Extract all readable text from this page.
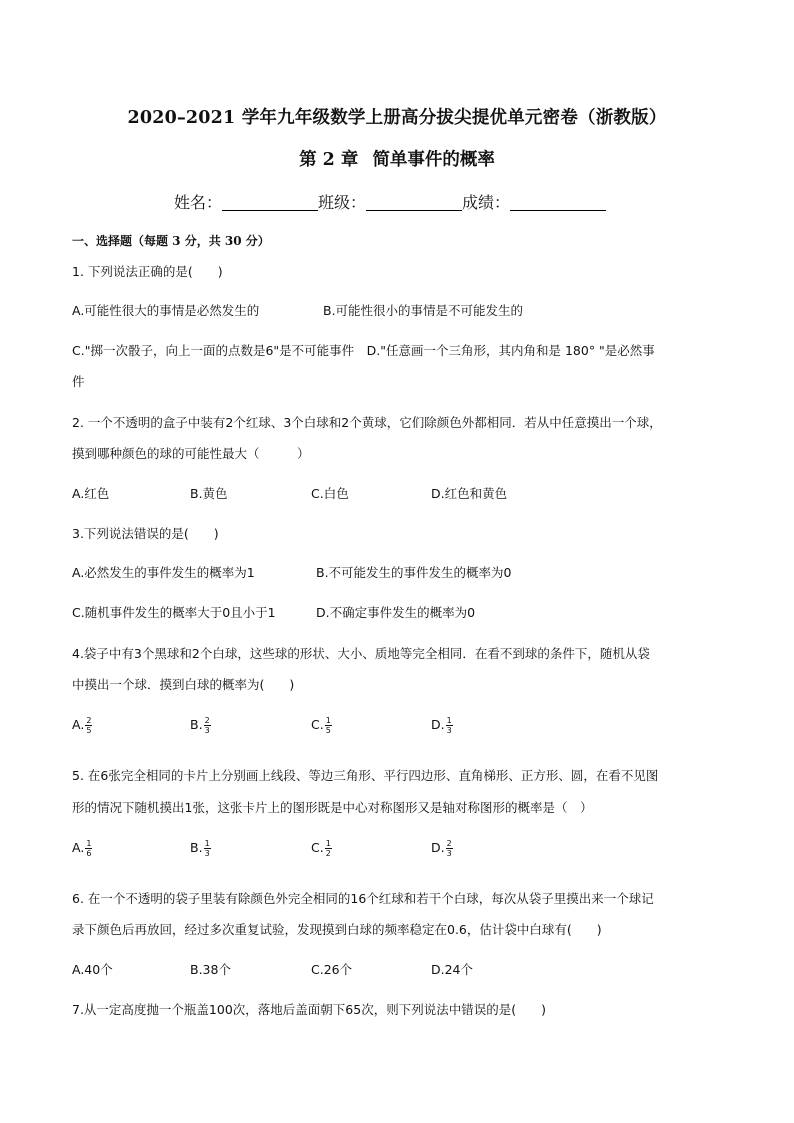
2020–2021 学年九年级数学上册高分拔尖提优单元密卷（浙教版）
第 2 章 简单事件的概率
姓名：	班级：	成绩：
一、选择题（每题 3 分，共 30 分）
1. 下列说法正确的是(　　)
A.可能性很大的事情是必然发生的	B.可能性很小的事情是不可能发生的
C."掷一次骰子，向上一面的点数是6"是不可能事件　D."任意画一个三角形，其内角和是 180° "是必然事
件
2. 一个不透明的盒子中装有2个红球、3个白球和2个黄球，它们除颜色外都相同．若从中任意摸出一个球，
摸到哪种颜色的球的可能性最大（　　　）
A.红色	B.黄色	C.白色	D.红色和黄色
3.下列说法错误的是(　　)
A.必然发生的事件发生的概率为1	B.不可能发生的事件发生的概率为0
C.随机事件发生的概率大于0且小于1	D.不确定事件发生的概率为0
4.袋子中有3个黑球和2个白球，这些球的形状、大小、质地等完全相同．在看不到球的条件下，随机从袋
中摸出一个球．摸到白球的概率为(　　)
A. $\frac{2}{5}$	B. $\frac{2}{3}$	C. $\frac{1}{5}$	D. $\frac{1}{3}$
5. 在6张完全相同的卡片上分别画上线段、等边三角形、平行四边形、直角梯形、正方形、圆，在看不见图
形的情况下随机摸出1张，这张卡片上的图形既是中心对称图形又是轴对称图形的概率是（　）
A. $\frac{1}{6}$	B. $\frac{1}{3}$	C. $\frac{1}{2}$	D. $\frac{2}{3}$
6. 在一个不透明的袋子里装有除颜色外完全相同的16个红球和若干个白球，每次从袋子里摸出来一个球记
录下颜色后再放回，经过多次重复试验，发现摸到白球的频率稳定在0.6，估计袋中白球有(　　)
A.40个	B.38个	C.26个	D.24个
7.从一定高度抛一个瓶盖100次，落地后盖面朝下65次，则下列说法中错误的是(　　)
